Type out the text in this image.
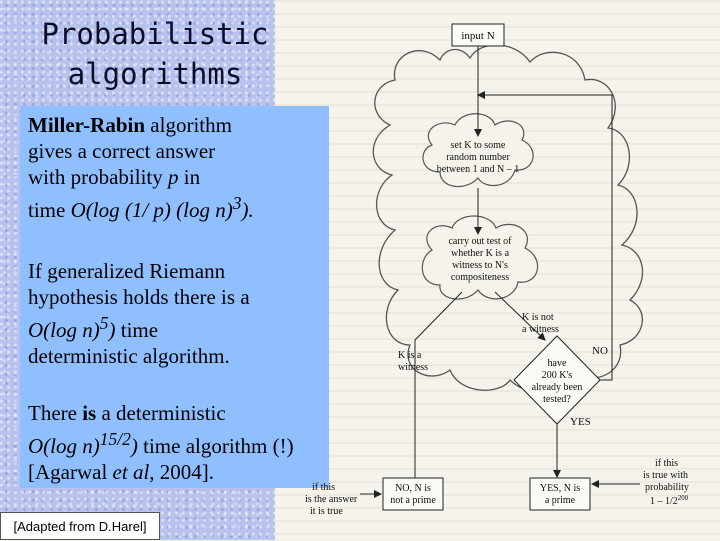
Probabilistic algorithms

Miller-Rabin algorithm
gives a correct answer
with probability p in
time O(log (1/ p) (log n)$^3$).

If generalized Riemann
hypothesis holds there is a
O(log n)$^5$) time
deterministic algorithm.

There is a deterministic
O(log n)$^{15/2}$) time algorithm (!)
[Agarwal et al, 2004].

[Adapted from D.Harel]
input N
set K to some
random number
between 1 and N – 1
carry out test of
whether K is a
witness to N's
compositeness
K is not
a witness
K is a
witness	have
200 K's
already been
tested?
NO
YES
NO, N is
not a prime
YES, N is
a prime
if this
is the answer
it is true
if this
is true with
probability
$1 - 1/2^{200}$
